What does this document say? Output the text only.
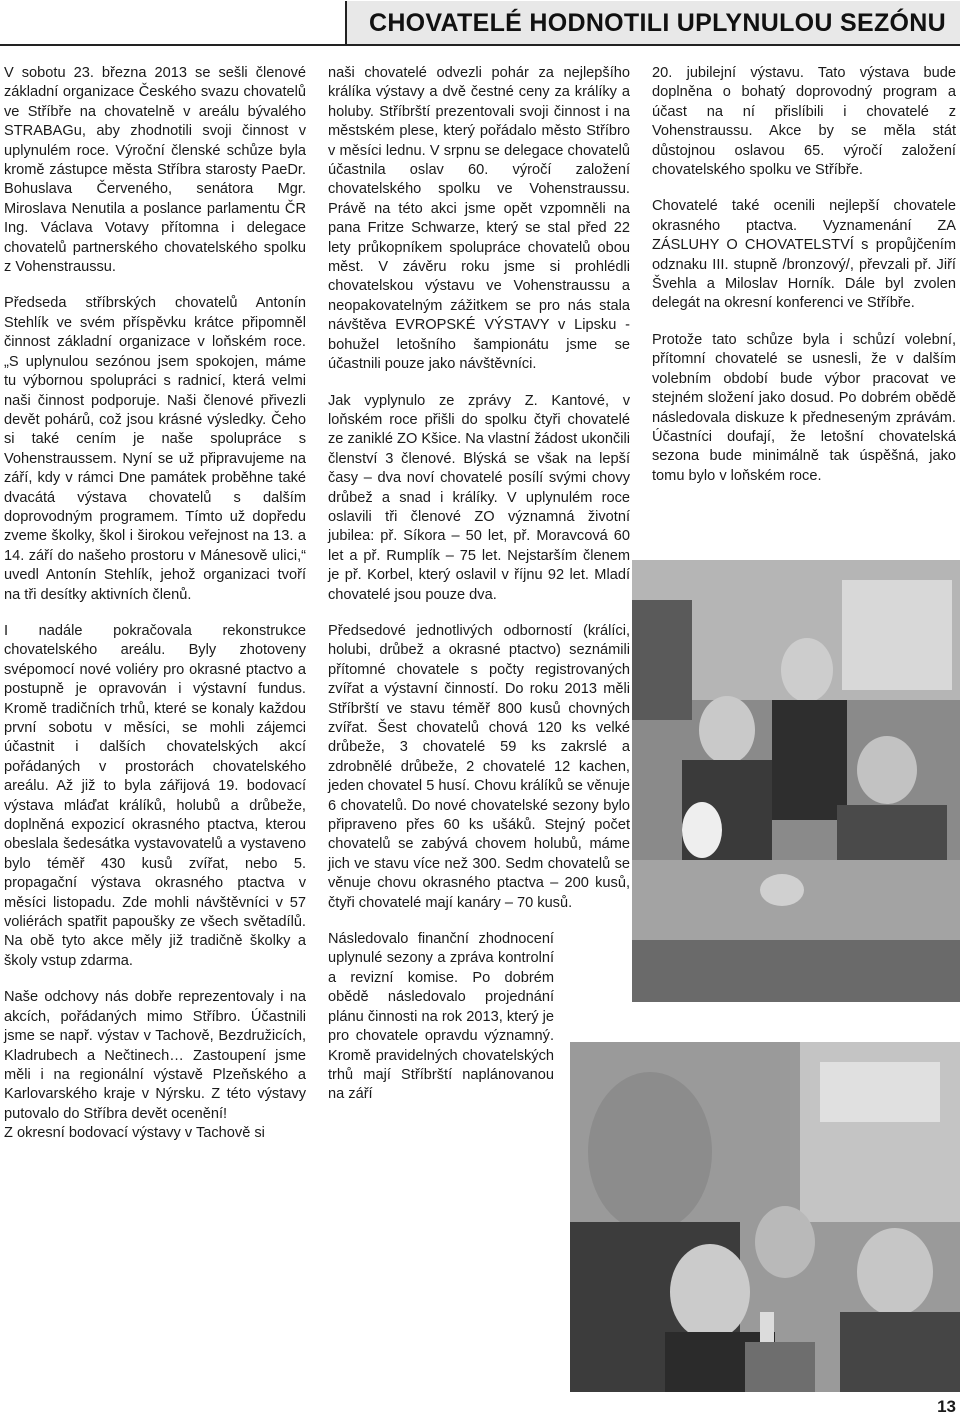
CHOVATELÉ HODNOTILI UPLYNULOU SEZÓNU

V sobotu 23. března 2013 se sešli členové základní organizace Českého svazu chovatelů ve Stříbře na chovatelně v areálu bývalého STRABAGu, aby zhodnotili svoji činnost v uplynulém roce. Výroční členské schůze byla kromě zástupce města Stříbra starosty PaeDr. Bohuslava Červeného, senátora Mgr. Miroslava Nenutila a poslance parlamentu ČR Ing. Václava Votavy přítomna i delegace chovatelů partnerského chovatelského spolku z Vohenstraussu.

Předseda stříbrských chovatelů Antonín Stehlík ve svém příspěvku krátce připomněl činnost základní organizace v loňském roce. „S uplynulou sezónou jsem spokojen, máme tu výbornou spolupráci s radnicí, která velmi naši činnost podporuje. Naši členové přivezli devět pohárů, což jsou krásné výsledky. Čeho si také cením je naše spolupráce s Vohenstraussem. Nyní se už připravujeme na září, kdy v rámci Dne památek proběhne také dvacátá výstava chovatelů s dalším doprovodným programem. Tímto už dopředu zveme školky, škol i širokou veřejnost na 13. a 14. září do našeho prostoru v Mánesově ulici,“ uvedl Antonín Stehlík, jehož organizaci tvoří na tři desítky aktivních členů.

I nadále pokračovala rekonstrukce chovatelského areálu. Byly zhotoveny svépomocí nové voliéry pro okrasné ptactvo a postupně je opravován i výstavní fundus. Kromě tradičních trhů, které se konaly každou první sobotu v měsíci, se mohli zájemci účastnit i dalších chovatelských akcí pořádaných v prostorách chovatelského areálu. Až již to byla zářijová 19. bodovací výstava mláďat králíků, holubů a drůbeže, doplněná expozicí okrasného ptactva, kterou obeslala šedesátka vystavovatelů a vystaveno bylo téměř 430 kusů zvířat, nebo 5. propagační výstava okrasného ptactva v měsíci listopadu. Zde mohli návštěvníci v 57 voliérách spatřit papoušky ze všech světadílů. Na obě tyto akce měly již tradičně školky a školy vstup zdarma.

Naše odchovy nás dobře reprezentovaly i na akcích, pořádaných mimo Stříbro. Účastnili jsme se např. výstav v Tachově, Bezdružicích, Kladrubech a Nečtinech… Zastoupení jsme měli i na regionální výstavě Plzeňského a Karlovarského kraje v Nýrsku. Z této výstavy putovalo do Stříbra devět ocenění!

Z okresní bodovací výstavy v Tachově si

naši chovatelé odvezli pohár za nejlepšího králíka výstavy a dvě čestné ceny za králíky a holuby. Stříbrští prezentovali svoji činnost i na městském plese, který pořádalo město Stříbro v měsíci lednu. V srpnu se delegace chovatelů účastnila oslav 60. výročí založení chovatelského spolku ve Vohenstraussu. Právě na této akci jsme opět vzpomněli na pana Fritze Schwarze, který se stal před 22 lety průkopníkem spolupráce chovatelů obou měst. V závěru roku jsme si prohlédli chovatelskou výstavu ve Vohenstraussu a neopakovatelným zážitkem se pro nás stala návštěva EVROPSKÉ VÝSTAVY v Lipsku - bohužel letošního šampionátu jsme se účastnili pouze jako návštěvníci.

Jak vyplynulo ze zprávy Z. Kantové, v loňském roce přišli do spolku čtyři chovatelé ze zaniklé ZO Kšice. Na vlastní žádost ukončili členství 3 členové. Blýská se však na lepší časy – dva noví chovatelé posílí svými chovy drůbež a snad i králíky. V uplynulém roce oslavili tři členové ZO významná životní jubilea: př. Síkora – 50 let, př. Moravcová 60 let a př. Rumplík – 75 let. Nejstarším členem je př. Korbel, který oslavil v říjnu 92 let. Mladí chovatelé jsou pouze dva.

Předsedové jednotlivých odborností (králíci, holubi, drůbež a okrasné ptactvo) seznámili přítomné chovatele s počty registrovaných zvířat a výstavní činností. Do roku 2013 měli Stříbrští ve stavu téměř 800 kusů chovných zvířat. Šest chovatelů chová 120 ks velké drůbeže, 3 chovatelé 59 ks zakrslé a zdrobnělé drůbeže, 2 chovatelé 12 kachen, jeden chovatel 5 husí. Chovu králíků se věnuje 6 chovatelů. Do nové chovatelské sezony bylo připraveno přes 60 ks ušáků. Stejný počet chovatelů se zabývá chovem holubů, máme jich ve stavu více než 300. Sedm chovatelů se věnuje chovu okrasného ptactva – 200 kusů, čtyři chovatelé mají kanáry – 70 kusů.

Následovalo finanční zhodnocení uplynulé sezony a zpráva kontrolní a revizní komise. Po dobrém obědě následovalo projednání plánu činnosti na rok 2013, který je pro chovatele opravdu významný. Kromě pravidelných chovatelských trhů mají Stříbrští naplánovanou na září

20. jubilejní výstavu. Tato výstava bude doplněna o bohatý doprovodný program a účast na ní přislíbili i chovatelé z Vohenstraussu. Akce by se měla stát důstojnou oslavou 65. výročí založení chovatelského spolku ve Stříbře.

Chovatelé také ocenili nejlepší chovatele okrasného ptactva. Vyznamenání ZA ZÁSLUHY O CHOVATELSTVÍ s propůjčením odznaku III. stupně /bronzový/, převzali př. Jiří Švehla a Miloslav Horník. Dále byl zvolen delegát na okresní konferenci ve Stříbře.

Protože tato schůze byla i schůzí volební, přítomní chovatelé se usnesli, že v dalším volebním období bude výbor pracovat ve stejném složení jako dosud. Po dobrém obědě následovala diskuze k předneseným zprávám. Účastníci doufají, že letošní chovatelská sezona bude minimálně tak úspěšná, jako tomu bylo v loňském roce.

13
